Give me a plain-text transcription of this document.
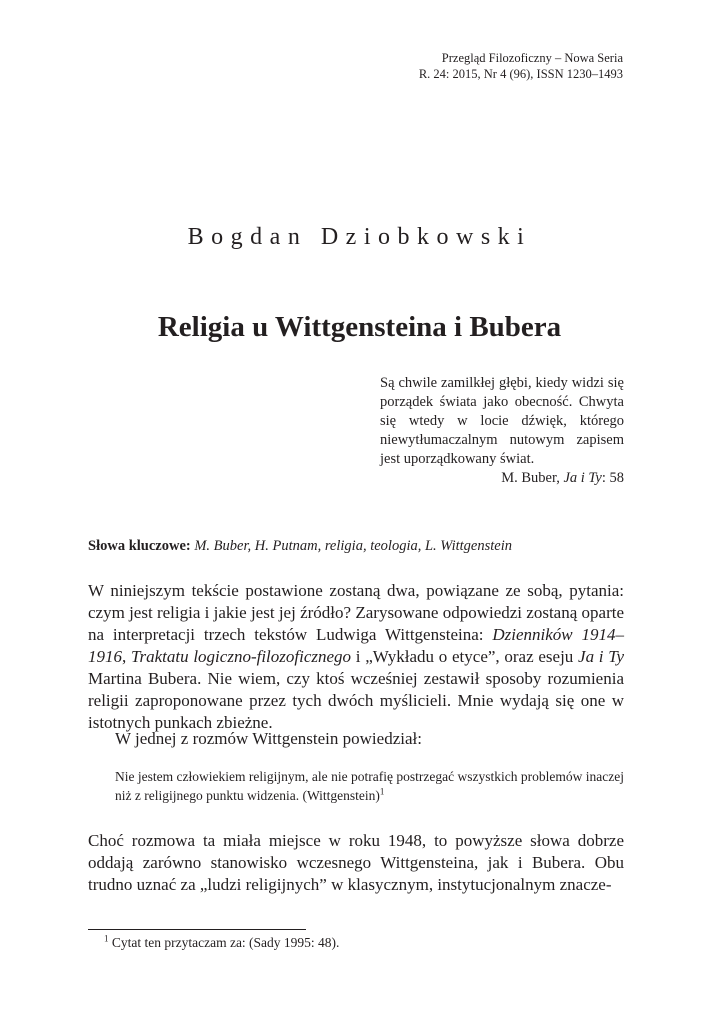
Przegląd Filozoficzny – Nowa Seria
R. 24: 2015, Nr 4 (96), ISSN 1230–1493
Bogdan Dziobkowski
Religia u Wittgensteina i Bubera
Są chwile zamilkłej głębi, kiedy widzi się porządek świata jako obecność. Chwyta się wtedy w locie dźwięk, którego niewytłumaczalnym nutowym zapisem jest uporządkowany świat.
M. Buber, Ja i Ty: 58
Słowa kluczowe: M. Buber, H. Putnam, religia, teologia, L. Wittgenstein
W niniejszym tekście postawione zostaną dwa, powiązane ze sobą, pytania: czym jest religia i jakie jest jej źródło? Zarysowane odpowiedzi zostaną oparte na interpretacji trzech tekstów Ludwiga Wittgensteina: Dzienników 1914–1916, Traktatu logiczno-filozoficznego i „Wykładu o etyce”, oraz eseju Ja i Ty Martina Bubera. Nie wiem, czy ktoś wcześniej zestawił sposoby rozumienia religii zaproponowane przez tych dwóch myślicieli. Mnie wydają się one w istotnych punkach zbieżne.
W jednej z rozmów Wittgenstein powiedział:
Nie jestem człowiekiem religijnym, ale nie potrafię postrzegać wszystkich problemów inaczej niż z religijnego punktu widzenia. (Wittgenstein)$^1$
Choć rozmowa ta miała miejsce w roku 1948, to powyższe słowa dobrze oddają zarówno stanowisko wczesnego Wittgensteina, jak i Bubera. Obu trudno uznać za „ludzi religijnych” w klasycznym, instytucjonalnym znacze-
$^1$ Cytat ten przytaczam za: (Sady 1995: 48).
